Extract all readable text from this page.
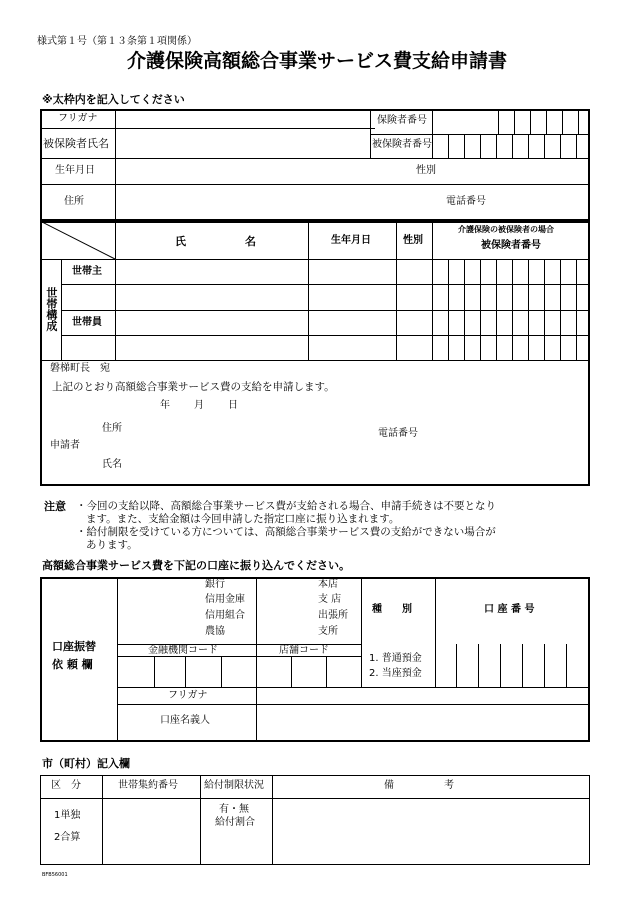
様式第１号（第１３条第１項関係）
介護保険高額総合事業サービス費支給申請書
※太枠内を記入してください
フリガナ
被保険者氏名
保険者番号
被保険者番号
生年月日	性別
住所	電話番号
氏	名	生年月日	性別
介護保険の被保険者の場合
被保険者番号
世帯構成
世帯主
世帯員
磐梯町長　宛
上記のとおり高額総合事業サービス費の支給を申請します。
年 月 日
住所
申請者
氏名
電話番号
注意 ・今回の支給以降、高額総合事業サービス費が支給される場合、申請手続きは不要となり
ます。また、支給金額は今回申請した指定口座に振り込まれます。
・給付制限を受けている方については、高額総合事業サービス費の支給ができない場合が
あります。
高額総合事業サービス費を下記の口座に振り込んでください。
口座振替
依 頼 欄
銀行
信用金庫
信用組合
農協
本店
支 店
出張所
支所
種　　別	口 座 番 号
金融機関コード	店舗コード
1. 普通預金
2. 当座預金
フリガナ
口座名義人
市（町村）記入欄
区　分	世帯集約番号	給付制限状況	備　　　　　考
1単独
2合算
有・無
給付割合
BFB56001
